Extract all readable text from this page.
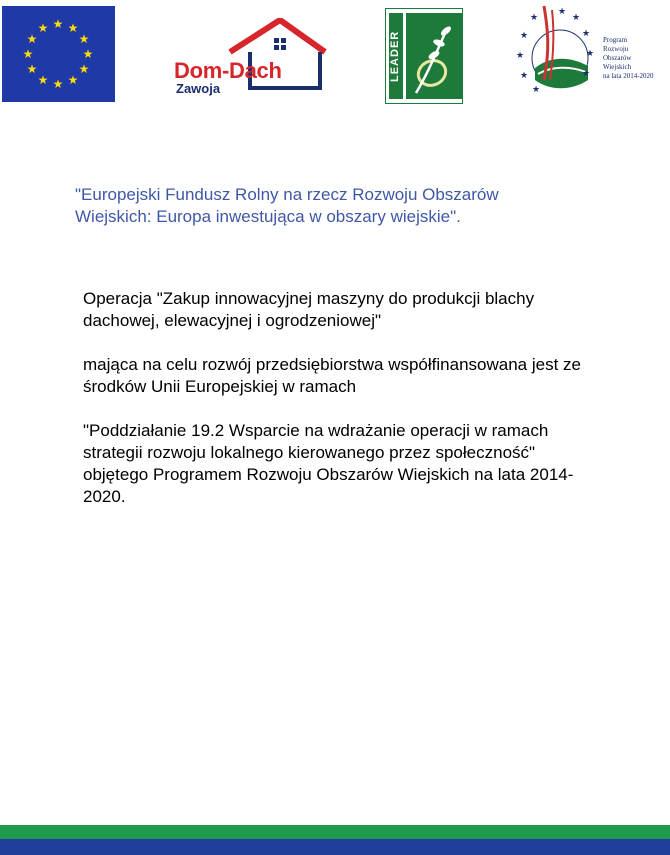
★ ★
★
★
★
★
★
★
★
★
★
★
Dom-Dach
Zawoja
LEADER
★
★
★
★	★
★	★
★	★
★
Program
Rozwoju
Obszarów
Wiejskich
na lata 2014-2020
"Europejski Fundusz Rolny na rzecz Rozwoju Obszarów
Wiejskich: Europa inwestująca w obszary wiejskie".

Operacja "Zakup innowacyjnej maszyny do produkcji blachy dachowej, elewacyjnej i ogrodzeniowej"

mająca na celu rozwój przedsiębiorstwa współfinansowana jest ze środków Unii Europejskiej w ramach

"Poddziałanie 19.2 Wsparcie na wdrażanie operacji w ramach strategii rozwoju lokalnego kierowanego przez społeczność" objętego Programem Rozwoju Obszarów Wiejskich na lata 2014-2020.
